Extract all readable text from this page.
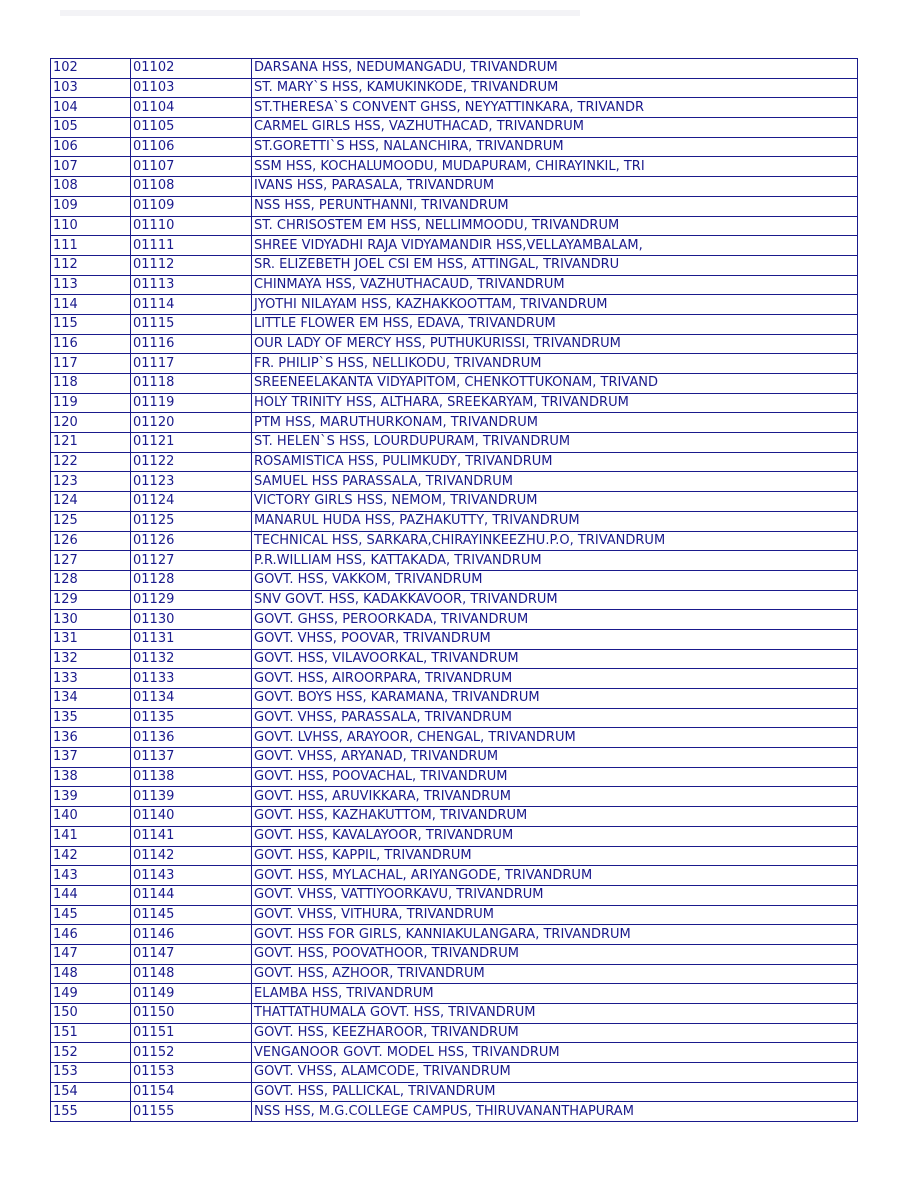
102	01102	DARSANA HSS, NEDUMANGADU, TRIVANDRUM
103	01103	ST. MARY`S HSS, KAMUKINKODE, TRIVANDRUM
104	01104	ST.THERESA`S CONVENT GHSS, NEYYATTINKARA, TRIVANDR
105	01105	CARMEL GIRLS HSS, VAZHUTHACAD, TRIVANDRUM
106	01106	ST.GORETTI`S HSS, NALANCHIRA, TRIVANDRUM
107	01107	SSM HSS, KOCHALUMOODU, MUDAPURAM, CHIRAYINKIL, TRI
108	01108	IVANS HSS, PARASALA, TRIVANDRUM
109	01109	NSS HSS, PERUNTHANNI, TRIVANDRUM
110	01110	ST. CHRISOSTEM EM HSS, NELLIMMOODU, TRIVANDRUM
111	01111	SHREE VIDYADHI RAJA VIDYAMANDIR HSS,VELLAYAMBALAM,
112	01112	SR. ELIZEBETH JOEL CSI EM HSS, ATTINGAL, TRIVANDRU
113	01113	CHINMAYA HSS, VAZHUTHACAUD, TRIVANDRUM
114	01114	JYOTHI NILAYAM HSS, KAZHAKKOOTTAM, TRIVANDRUM
115	01115	LITTLE FLOWER EM HSS, EDAVA, TRIVANDRUM
116	01116	OUR LADY OF MERCY HSS, PUTHUKURISSI, TRIVANDRUM
117	01117	FR. PHILIP`S HSS, NELLIKODU, TRIVANDRUM
118	01118	SREENEELAKANTA VIDYAPITOM, CHENKOTTUKONAM, TRIVAND
119	01119	HOLY TRINITY HSS, ALTHARA, SREEKARYAM, TRIVANDRUM
120	01120	PTM HSS, MARUTHURKONAM, TRIVANDRUM
121	01121	ST. HELEN`S HSS, LOURDUPURAM, TRIVANDRUM
122	01122	ROSAMISTICA HSS, PULIMKUDY, TRIVANDRUM
123	01123	SAMUEL HSS PARASSALA, TRIVANDRUM
124	01124	VICTORY GIRLS HSS, NEMOM, TRIVANDRUM
125	01125	MANARUL HUDA HSS, PAZHAKUTTY, TRIVANDRUM
126	01126	TECHNICAL HSS, SARKARA,CHIRAYINKEEZHU.P.O, TRIVANDRUM
127	01127	P.R.WILLIAM HSS, KATTAKADA, TRIVANDRUM
128	01128	GOVT. HSS, VAKKOM, TRIVANDRUM
129	01129	SNV GOVT. HSS, KADAKKAVOOR, TRIVANDRUM
130	01130	GOVT. GHSS, PEROORKADA, TRIVANDRUM
131	01131	GOVT. VHSS, POOVAR, TRIVANDRUM
132	01132	GOVT. HSS, VILAVOORKAL, TRIVANDRUM
133	01133	GOVT. HSS, AIROORPARA, TRIVANDRUM
134	01134	GOVT. BOYS HSS, KARAMANA, TRIVANDRUM
135	01135	GOVT. VHSS, PARASSALA, TRIVANDRUM
136	01136	GOVT. LVHSS, ARAYOOR, CHENGAL, TRIVANDRUM
137	01137	GOVT. VHSS, ARYANAD, TRIVANDRUM
138	01138	GOVT. HSS, POOVACHAL, TRIVANDRUM
139	01139	GOVT. HSS, ARUVIKKARA, TRIVANDRUM
140	01140	GOVT. HSS, KAZHAKUTTOM, TRIVANDRUM
141	01141	GOVT. HSS, KAVALAYOOR, TRIVANDRUM
142	01142	GOVT. HSS, KAPPIL, TRIVANDRUM
143	01143	GOVT. HSS, MYLACHAL, ARIYANGODE, TRIVANDRUM
144	01144	GOVT. VHSS, VATTIYOORKAVU, TRIVANDRUM
145	01145	GOVT. VHSS, VITHURA, TRIVANDRUM
146	01146	GOVT. HSS FOR GIRLS, KANNIAKULANGARA, TRIVANDRUM
147	01147	GOVT. HSS, POOVATHOOR, TRIVANDRUM
148	01148	GOVT. HSS, AZHOOR, TRIVANDRUM
149	01149	ELAMBA HSS, TRIVANDRUM
150	01150	THATTATHUMALA GOVT. HSS, TRIVANDRUM
151	01151	GOVT. HSS, KEEZHAROOR, TRIVANDRUM
152	01152	VENGANOOR GOVT. MODEL HSS, TRIVANDRUM
153	01153	GOVT. VHSS, ALAMCODE, TRIVANDRUM
154	01154	GOVT. HSS, PALLICKAL, TRIVANDRUM
155	01155	NSS HSS, M.G.COLLEGE CAMPUS, THIRUVANANTHAPURAM
